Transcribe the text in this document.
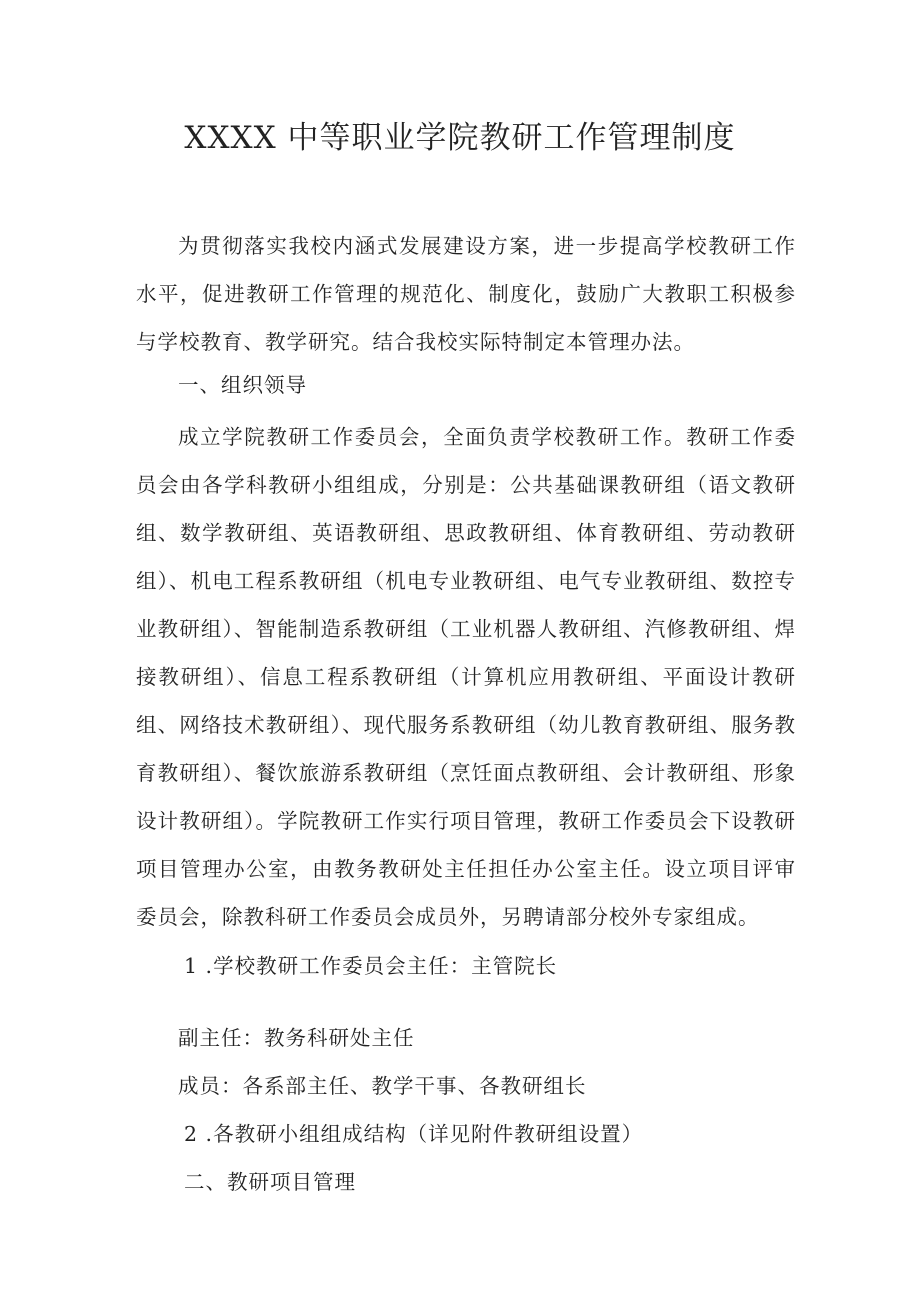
XXXX 中等职业学院教研工作管理制度

为贯彻落实我校内涵式发展建设方案，进一步提高学校教研工作水平，促进教研工作管理的规范化、制度化，鼓励广大教职工积极参与学校教育、教学研究。结合我校实际特制定本管理办法。

一、组织领导

成立学院教研工作委员会，全面负责学校教研工作。教研工作委员会由各学科教研小组组成，分别是：公共基础课教研组（语文教研组、数学教研组、英语教研组、思政教研组、体育教研组、劳动教研组）、机电工程系教研组（机电专业教研组、电气专业教研组、数控专业教研组）、智能制造系教研组（工业机器人教研组、汽修教研组、焊接教研组）、信息工程系教研组（计算机应用教研组、平面设计教研组、网络技术教研组）、现代服务系教研组（幼儿教育教研组、服务教育教研组）、餐饮旅游系教研组（烹饪面点教研组、会计教研组、形象设计教研组）。学院教研工作实行项目管理，教研工作委员会下设教研项目管理办公室，由教务教研处主任担任办公室主任。设立项目评审委员会，除教科研工作委员会成员外，另聘请部分校外专家组成。

1 .学校教研工作委员会主任：主管院长

副主任：教务科研处主任

成员：各系部主任、教学干事、各教研组长

2 .各教研小组组成结构（详见附件教研组设置）

二、教研项目管理
